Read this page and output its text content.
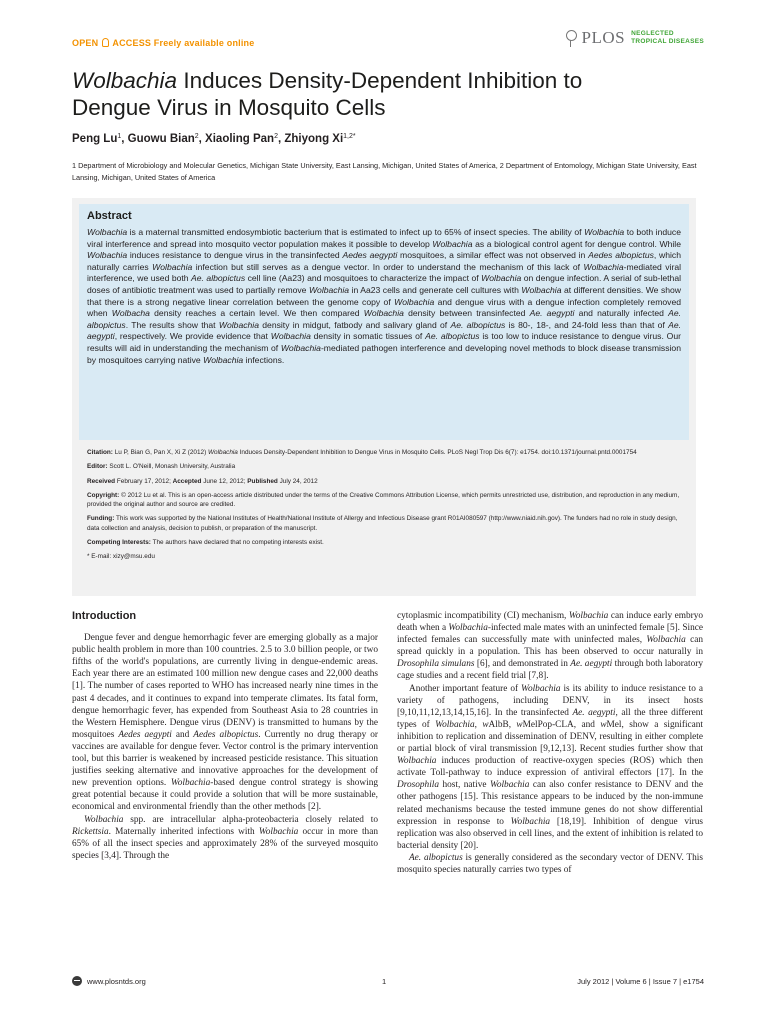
OPEN ACCESS Freely available online	PLOS NEGLECTED
TROPICAL DISEASES
Wolbachia Induces Density-Dependent Inhibition to
Dengue Virus in Mosquito Cells
Peng Lu$^1$, Guowu Bian$^2$, Xiaoling Pan$^2$, Zhiyong $Xi^{1,2*}$
1 Department of Microbiology and Molecular Genetics, Michigan State University, East Lansing, Michigan, United States of America, 2 Department of Entomology, Michigan State University, East Lansing, Michigan, United States of America
Abstract
Wolbachia is a maternal transmitted endosymbiotic bacterium that is estimated to infect up to 65% of insect species. The ability of Wolbachia to both induce viral interference and spread into mosquito vector population makes it possible to develop Wolbachia as a biological control agent for dengue control. While Wolbachia induces resistance to dengue virus in the transinfected Aedes aegypti mosquitoes, a similar effect was not observed in Aedes albopictus, which naturally carries Wolbachia infection but still serves as a dengue vector. In order to understand the mechanism of this lack of Wolbachia-mediated viral interference, we used both Ae. albopictus cell line (Aa23) and mosquitoes to characterize the impact of Wolbachia on dengue infection. A serial of sub-lethal doses of antibiotic treatment was used to partially remove Wolbachia in Aa23 cells and generate cell cultures with Wolbachia at different densities. We show that there is a strong negative linear correlation between the genome copy of Wolbachia and dengue virus with a dengue infection completely removed when Wolbacha density reaches a certain level. We then compared Wolbachia density between transinfected Ae. aegypti and naturally infected Ae. albopictus. The results show that Wolbachia density in midgut, fatbody and salivary gland of Ae. albopictus is 80-, 18-, and 24-fold less than that of Ae. aegypti, respectively. We provide evidence that Wolbachia density in somatic tissues of Ae. albopictus is too low to induce resistance to dengue virus. Our results will aid in understanding the mechanism of Wolbachia-mediated pathogen interference and developing novel methods to block disease transmission by mosquitoes carrying native Wolbachia infections.

Citation: Lu P, Bian G, Pan X, Xi Z (2012) Wolbachia Induces Density-Dependent Inhibition to Dengue Virus in Mosquito Cells. PLoS Negl Trop Dis 6(7): e1754. doi:10.1371/journal.pntd.0001754

Editor: Scott L. O'Neill, Monash University, Australia

Received February 17, 2012; Accepted June 12, 2012; Published July 24, 2012

Copyright: © 2012 Lu et al. This is an open-access article distributed under the terms of the Creative Commons Attribution License, which permits unrestricted use, distribution, and reproduction in any medium, provided the original author and source are credited.

Funding: This work was supported by the National Institutes of Health/National Institute of Allergy and Infectious Disease grant R01AI080597 (http://www.niaid.nih.gov). The funders had no role in study design, data collection and analysis, decision to publish, or preparation of the manuscript.

Competing Interests: The authors have declared that no competing interests exist.

* E-mail: xizy@msu.edu

Introduction

Dengue fever and dengue hemorrhagic fever are emerging globally as a major public health problem in more than 100 countries. 2.5 to 3.0 billion people, or two fifths of the world's populations, are currently living in dengue-endemic areas. Each year there are an estimated 100 million new dengue cases and 22,000 deaths [1]. The number of cases reported to WHO has increased nearly nine times in the past 4 decades, and it continues to expand into temperate climates. Its fatal form, dengue hemorrhagic fever, has expended from Southeast Asia to 28 countries in the Western Hemisphere. Dengue virus (DENV) is transmitted to humans by the mosquitoes Aedes aegypti and Aedes albopictus. Currently no drug therapy or vaccines are available for dengue fever. Vector control is the primary intervention tool, but this barrier is weakened by increased pesticide resistance. This situation justifies seeking alternative and innovative approaches for the development of new prevention options. Wolbachia-based dengue control strategy is showing great potential because it could provide a solution that will be more sustainable, economical and environmental friendly than the other methods [2].

Wolbachia spp. are intracellular alpha-proteobacteria closely related to Rickettsia. Maternally inherited infections with Wolbachia occur in more than 65% of all the insect species and approximately 28% of the surveyed mosquito species [3,4]. Through the

cytoplasmic incompatibility (CI) mechanism, Wolbachia can induce early embryo death when a Wolbachia-infected male mates with an uninfected female [5]. Since infected females can successfully mate with uninfected males, Wolbachia can spread quickly in a population. This has been observed to occur naturally in Drosophila simulans [6], and demonstrated in Ae. aegypti through both laboratory cage studies and a recent field trial [7,8].

Another important feature of Wolbachia is its ability to induce resistance to a variety of pathogens, including DENV, in its insect hosts [9,10,11,12,13,14,15,16]. In the transinfected Ae. aegypti, all the three different types of Wolbachia, wAlbB, wMelPop-CLA, and wMel, show a significant inhibition to replication and dissemination of DENV, resulting in either complete or partial block of viral transmission [9,12,13]. Recent studies further show that Wolbachia induces production of reactive-oxygen species (ROS) which then activate Toll-pathway to induce expression of antiviral effectors [17]. In the Drosophila host, native Wolbachia can also confer resistance to DENV and the other pathogens [15]. This resistance appears to be induced by the non-immune related mechanisms because the tested immune genes do not show differential expression in response to Wolbachia [18,19]. Inhibition of dengue virus replication was also observed in cell lines, and the extent of inhibition is related to bacterial density [20].

Ae. albopictus is generally considered as the secondary vector of DENV. This mosquito species naturally carries two types of

www.plosntds.org	1	July 2012 | Volume 6 | Issue 7 | e1754
